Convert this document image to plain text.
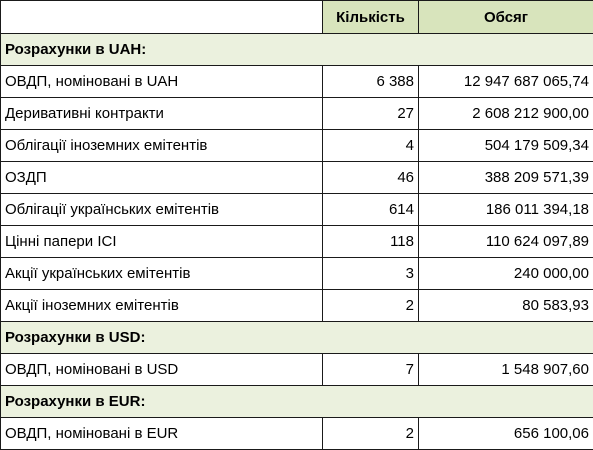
	Кількість	Обсяг
Розрахунки в UAH:		
ОВДП, номіновані в UAH	6 388	12 947 687 065,74
Деривативні контракти	27	2 608 212 900,00
Облігації іноземних емітентів	4	504 179 509,34
ОЗДП	46	388 209 571,39
Облігації українських емітентів	614	186 011 394,18
Цінні папери ІСІ	118	110 624 097,89
Акції українських емітентів	3	240 000,00
Акції іноземних емітентів	2	80 583,93
Розрахунки в USD:		
ОВДП, номіновані в USD	7	1 548 907,60
Розрахунки в EUR:		
ОВДП, номіновані в EUR	2	656 100,06
